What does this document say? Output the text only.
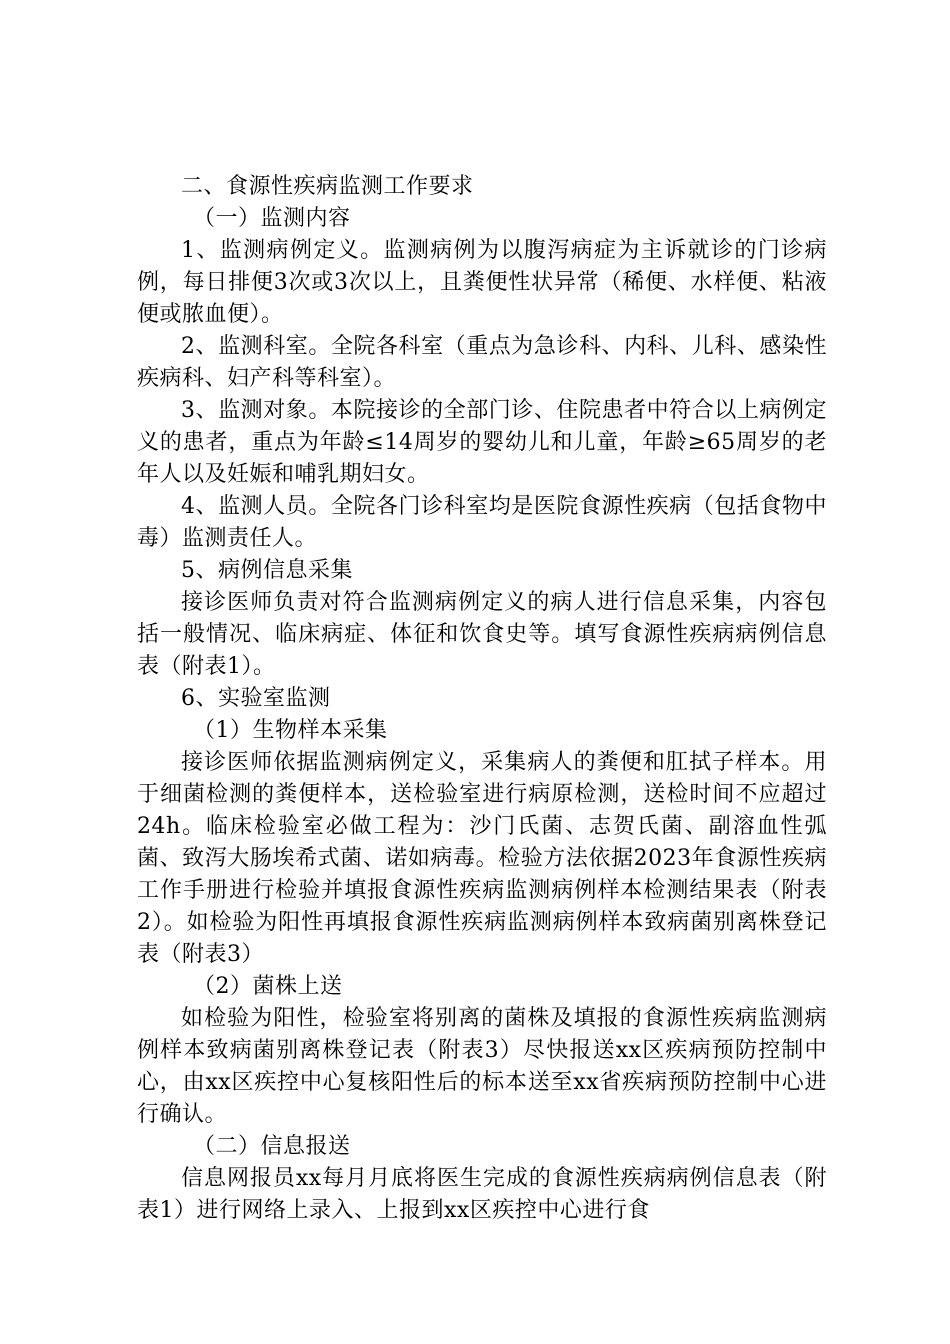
二、食源性疾病监测工作要求

（一）监测内容

1、监测病例定义。监测病例为以腹泻病症为主诉就诊的门诊病例，每日排便3次或3次以上，且粪便性状异常（稀便、水样便、粘液便或脓血便）。

2、监测科室。全院各科室（重点为急诊科、内科、儿科、感染性疾病科、妇产科等科室）。

3、监测对象。本院接诊的全部门诊、住院患者中符合以上病例定义的患者，重点为年龄≤14周岁的婴幼儿和儿童，年龄≥65周岁的老年人以及妊娠和哺乳期妇女。

4、监测人员。全院各门诊科室均是医院食源性疾病（包括食物中毒）监测责任人。

5、病例信息采集

接诊医师负责对符合监测病例定义的病人进行信息采集，内容包括一般情况、临床病症、体征和饮食史等。填写食源性疾病病例信息表（附表1）。

6、实验室监测

（1）生物样本采集

接诊医师依据监测病例定义，采集病人的粪便和肛拭子样本。用于细菌检测的粪便样本，送检验室进行病原检测，送检时间不应超过24h。临床检验室必做工程为：沙门氏菌、志贺氏菌、副溶血性弧菌、致泻大肠埃希式菌、诺如病毒。检验方法依据2023年食源性疾病工作手册进行检验并填报食源性疾病监测病例样本检测结果表（附表2）。如检验为阳性再填报食源性疾病监测病例样本致病菌别离株登记表（附表3）

（2）菌株上送

如检验为阳性，检验室将别离的菌株及填报的食源性疾病监测病例样本致病菌别离株登记表（附表3）尽快报送xx区疾病预防控制中心，由xx区疾控中心复核阳性后的标本送至xx省疾病预防控制中心进行确认。

（二）信息报送

信息网报员xx每月月底将医生完成的食源性疾病病例信息表（附表1）进行网络上录入、上报到xx区疾控中心进行食
